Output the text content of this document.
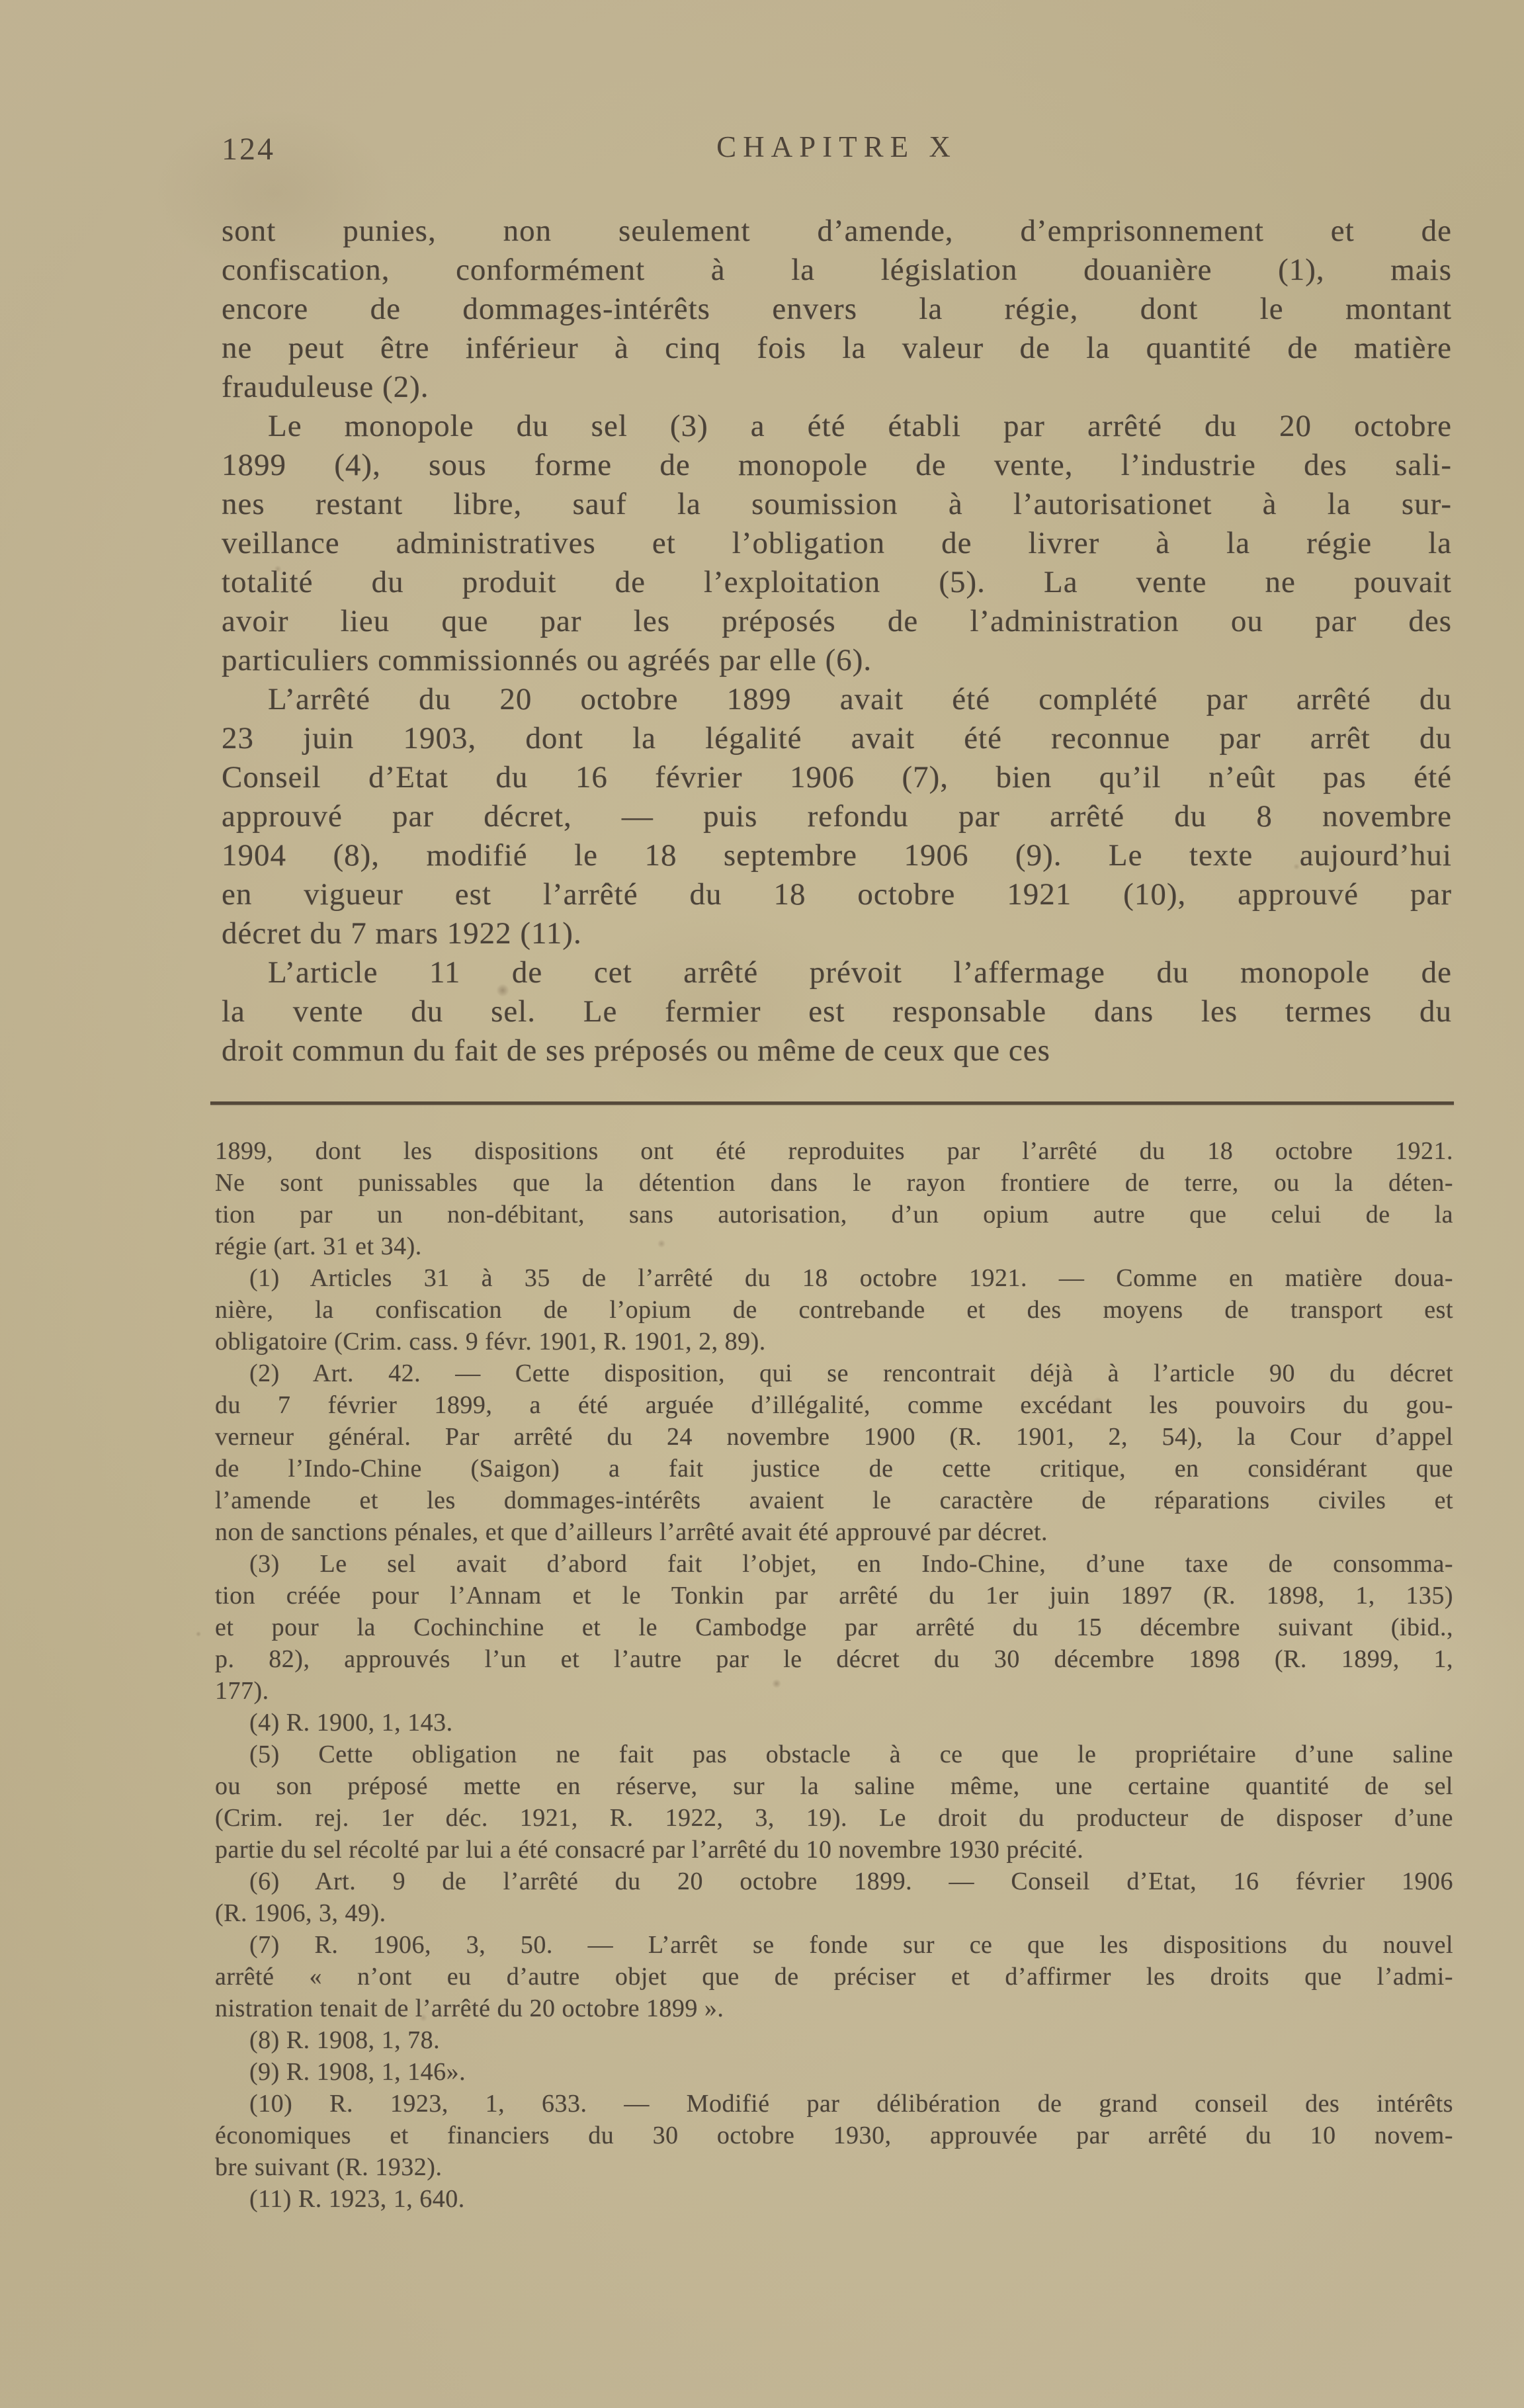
124	CHAPITRE X
sont punies, non seulement d’amende, d’emprisonnement et de
confiscation, conformément à la législation douanière (1), mais
encore de dommages-intérêts envers la régie, dont le montant
ne peut être inférieur à cinq fois la valeur de la quantité de matière
frauduleuse (2).
Le monopole du sel (3) a été établi par arrêté du 20 octobre
1899 (4), sous forme de monopole de vente, l’industrie des sali-
nes restant libre, sauf la soumission à l’autorisationet à la sur-
veillance administratives et l’obligation de livrer à la régie la
totalité du produit de l’exploitation (5). La vente ne pouvait
avoir lieu que par les préposés de l’administration ou par des
particuliers commissionnés ou agréés par elle (6).
L’arrêté du 20 octobre 1899 avait été complété par arrêté du
23 juin 1903, dont la légalité avait été reconnue par arrêt du
Conseil d’Etat du 16 février 1906 (7), bien qu’il n’eût pas été
approuvé par décret, — puis refondu par arrêté du 8 novembre
1904 (8), modifié le 18 septembre 1906 (9). Le texte aujourd’hui
en vigueur est l’arrêté du 18 octobre 1921 (10), approuvé par
décret du 7 mars 1922 (11).
L’article 11 de cet arrêté prévoit l’affermage du monopole de
la vente du sel. Le fermier est responsable dans les termes du
droit commun du fait de ses préposés ou même de ceux que ces
1899, dont les dispositions ont été reproduites par l’arrêté du 18 octobre 1921.
Ne sont punissables que la détention dans le rayon frontiere de terre, ou la déten-
tion par un non-débitant, sans autorisation, d’un opium autre que celui de la
régie (art. 31 et 34).
(1) Articles 31 à 35 de l’arrêté du 18 octobre 1921. — Comme en matière doua-
nière, la confiscation de l’opium de contrebande et des moyens de transport est
obligatoire (Crim. cass. 9 févr. 1901, R. 1901, 2, 89).
(2) Art. 42. — Cette disposition, qui se rencontrait déjà à l’article 90 du décret
du 7 février 1899, a été arguée d’illégalité, comme excédant les pouvoirs du gou-
verneur général. Par arrêté du 24 novembre 1900 (R. 1901, 2, 54), la Cour d’appel
de l’Indo-Chine (Saigon) a fait justice de cette critique, en considérant que
l’amende et les dommages-intérêts avaient le caractère de réparations civiles et
non de sanctions pénales, et que d’ailleurs l’arrêté avait été approuvé par décret.
(3) Le sel avait d’abord fait l’objet, en Indo-Chine, d’une taxe de consomma-
tion créée pour l’Annam et le Tonkin par arrêté du 1er juin 1897 (R. 1898, 1, 135)
et pour la Cochinchine et le Cambodge par arrêté du 15 décembre suivant (ibid.,
p. 82), approuvés l’un et l’autre par le décret du 30 décembre 1898 (R. 1899, 1,
177).
(4) R. 1900, 1, 143.
(5) Cette obligation ne fait pas obstacle à ce que le propriétaire d’une saline
ou son préposé mette en réserve, sur la saline même, une certaine quantité de sel
(Crim. rej. 1er déc. 1921, R. 1922, 3, 19). Le droit du producteur de disposer d’une
partie du sel récolté par lui a été consacré par l’arrêté du 10 novembre 1930 précité.
(6) Art. 9 de l’arrêté du 20 octobre 1899. — Conseil d’Etat, 16 février 1906
(R. 1906, 3, 49).
(7) R. 1906, 3, 50. — L’arrêt se fonde sur ce que les dispositions du nouvel
arrêté « n’ont eu d’autre objet que de préciser et d’affirmer les droits que l’admi-
nistration tenait de l’arrêté du 20 octobre 1899 ».
(8) R. 1908, 1, 78.
(9) R. 1908, 1, 146».
(10) R. 1923, 1, 633. — Modifié par délibération de grand conseil des intérêts
économiques et financiers du 30 octobre 1930, approuvée par arrêté du 10 novem-
bre suivant (R. 1932).
(11) R. 1923, 1, 640.
